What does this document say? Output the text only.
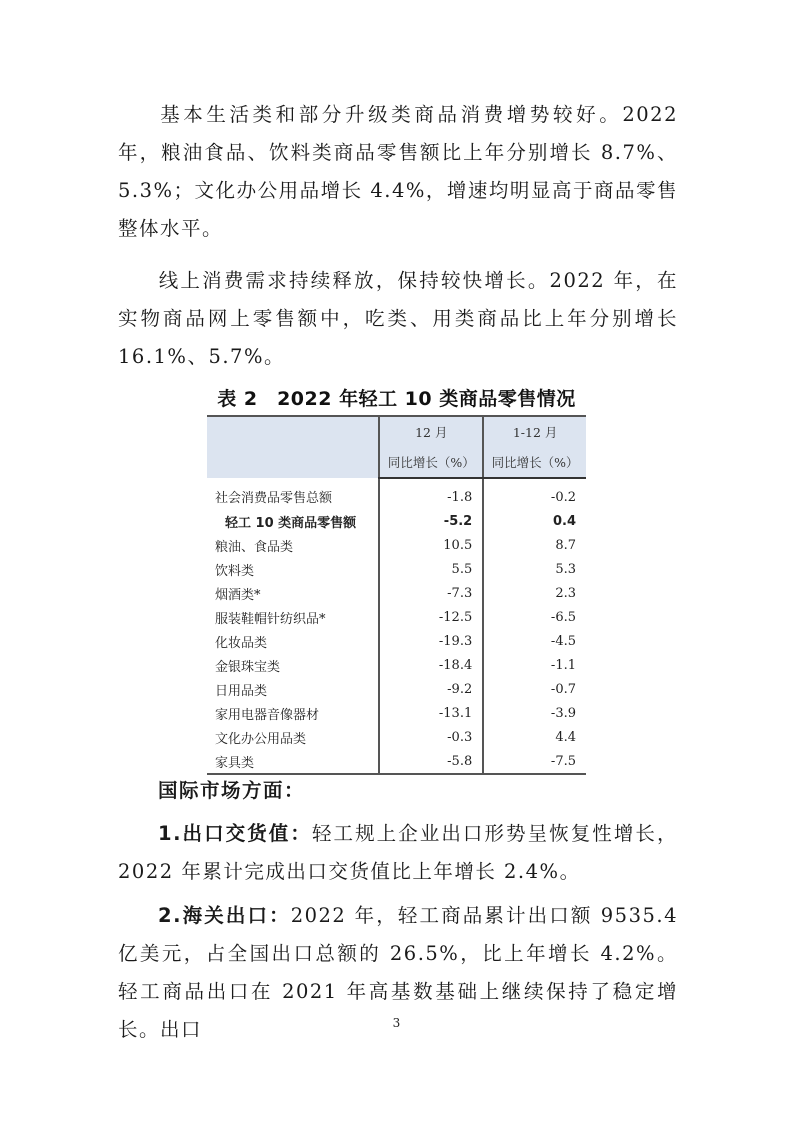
基本生活类和部分升级类商品消费增势较好。2022 年，粮油食品、饮料类商品零售额比上年分别增长 8.7%、5.3%；文化办公用品增长 4.4%，增速均明显高于商品零售整体水平。
线上消费需求持续释放，保持较快增长。2022 年，在实物商品网上零售额中，吃类、用类商品比上年分别增长 16.1%、5.7%。
表 2　2022 年轻工 10 类商品零售情况
	12 月	1-12 月
	同比增长（%）	同比增长（%）
社会消费品零售总额	-1.8	-0.2
轻工 10 类商品零售额	-5.2	0.4
粮油、食品类	10.5	8.7
饮料类	5.5	5.3
烟酒类*	-7.3	2.3
服装鞋帽针纺织品*	-12.5	-6.5
化妆品类	-19.3	-4.5
金银珠宝类	-18.4	-1.1
日用品类	-9.2	-0.7
家用电器音像器材	-13.1	-3.9
文化办公用品类	-0.3	4.4
家具类	-5.8	-7.5
国际市场方面：
1.出口交货值：轻工规上企业出口形势呈恢复性增长，2022 年累计完成出口交货值比上年增长 2.4%。
2.海关出口：2022 年，轻工商品累计出口额 9535.4 亿美元，占全国出口总额的 26.5%，比上年增长 4.2%。轻工商品出口在 2021 年高基数基础上继续保持了稳定增长。出口	3
